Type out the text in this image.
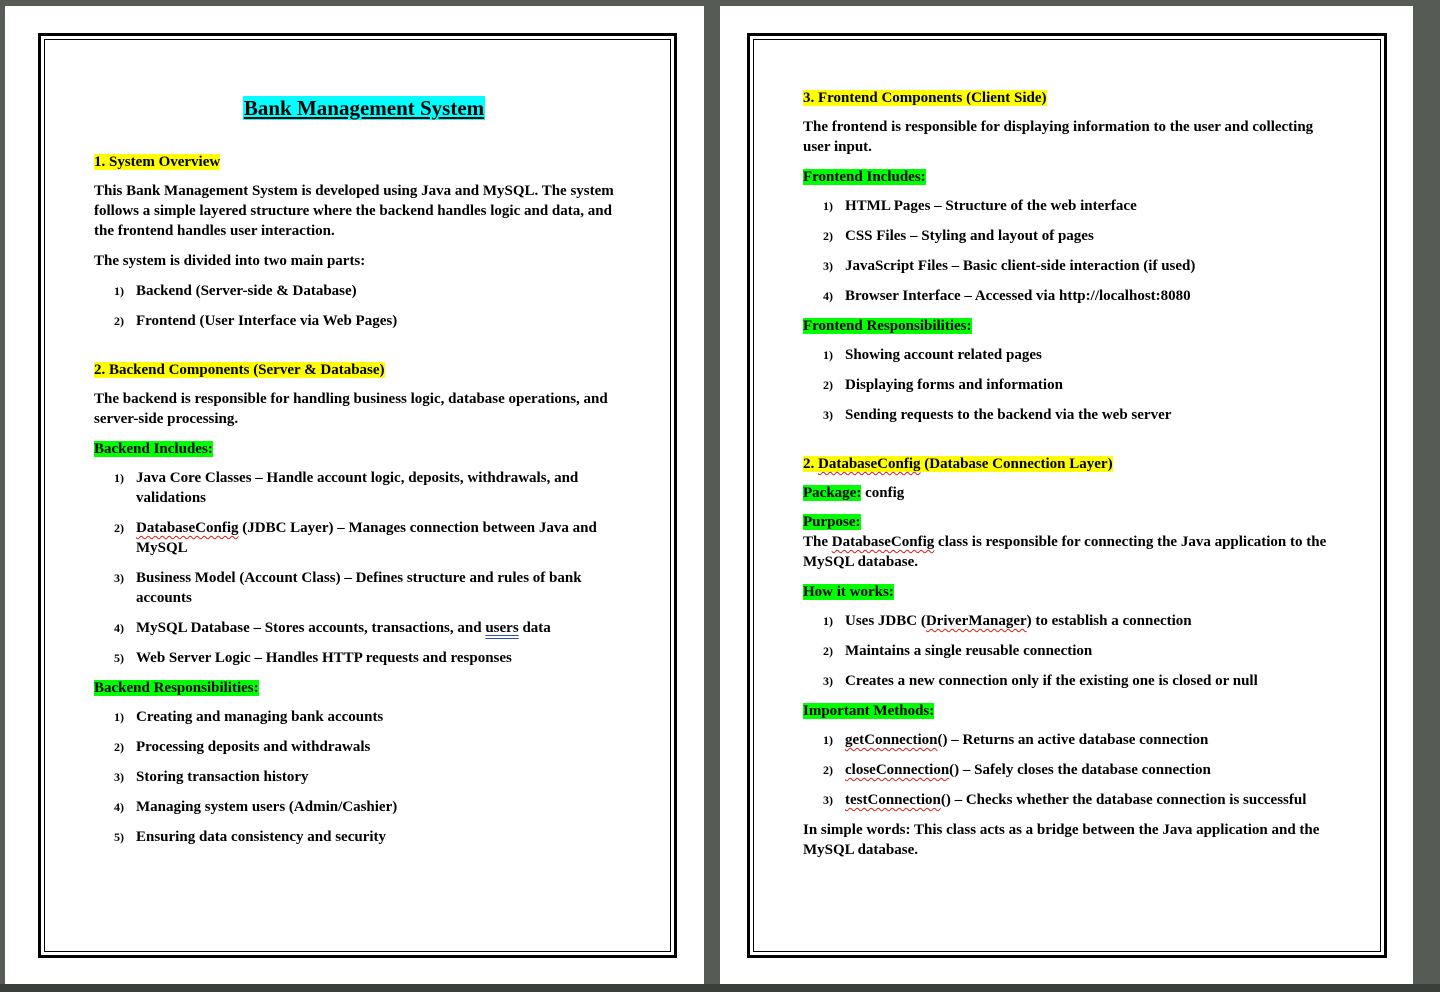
Bank Management System
1. System Overview

This Bank Management System is developed using Java and MySQL. The system follows a simple layered structure where the backend handles logic and data, and the frontend handles user interaction.

The system is divided into two main parts:

1) Backend (Server-side & Database)
2) Frontend (User Interface via Web Pages)
2. Backend Components (Server & Database)

The backend is responsible for handling business logic, database operations, and server-side processing.

Backend Includes:
1) Java Core Classes – Handle account logic, deposits, withdrawals, and validations
2) DatabaseConfig (JDBC Layer) – Manages connection between Java and MySQL
3) Business Model (Account Class) – Defines structure and rules of bank accounts
4) MySQL Database – Stores accounts, transactions, and users data
5) Web Server Logic – Handles HTTP requests and responses
Backend Responsibilities:
1) Creating and managing bank accounts
2) Processing deposits and withdrawals
3) Storing transaction history
4) Managing system users (Admin/Cashier)
5) Ensuring data consistency and security
3. Frontend Components (Client Side)

The frontend is responsible for displaying information to the user and collecting user input.

Frontend Includes:
1) HTML Pages – Structure of the web interface
2) CSS Files – Styling and layout of pages
3) JavaScript Files – Basic client-side interaction (if used)
4) Browser Interface – Accessed via http://localhost:8080
Frontend Responsibilities:
1) Showing account related pages
2) Displaying forms and information
3) Sending requests to the backend via the web server
2. DatabaseConfig (Database Connection Layer)
Package: config
Purpose:

The DatabaseConfig class is responsible for connecting the Java application to the MySQL database.

How it works:
1) Uses JDBC (DriverManager) to establish a connection
2) Maintains a single reusable connection
3) Creates a new connection only if the existing one is closed or null
Important Methods:
1) getConnection() – Returns an active database connection
2) closeConnection() – Safely closes the database connection
3) testConnection() – Checks whether the database connection is successful

In simple words: This class acts as a bridge between the Java application and the MySQL database.
